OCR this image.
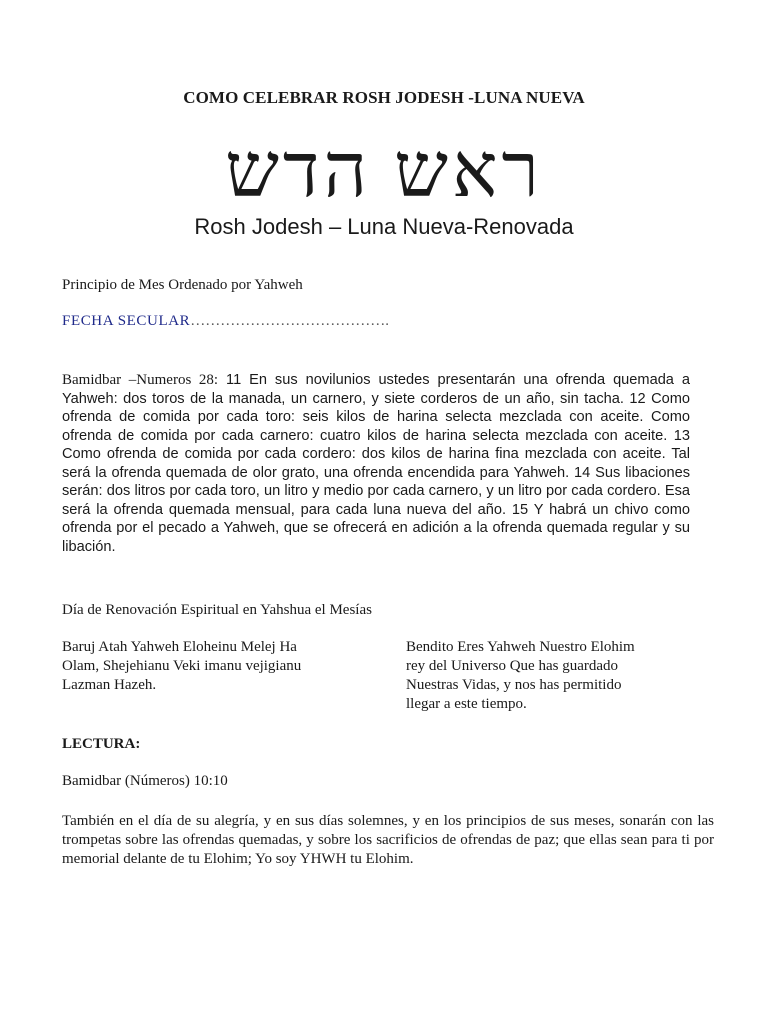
COMO CELEBRAR ROSH JODESH -LUNA NUEVA
ראש הדש
Rosh Jodesh – Luna Nueva-Renovada
Principio de Mes Ordenado por Yahweh
FECHA SECULAR………………………………….
Bamidbar –Numeros 28: 11 En sus novilunios ustedes presentarán una ofrenda quemada a Yahweh: dos toros de la manada, un carnero, y siete corderos de un año, sin tacha. 12 Como ofrenda de comida por cada toro: seis kilos de harina selecta mezclada con aceite. Como ofrenda de comida por cada carnero: cuatro kilos de harina selecta mezclada con aceite. 13 Como ofrenda de comida por cada cordero: dos kilos de harina fina mezclada con aceite. Tal será la ofrenda quemada de olor grato, una ofrenda encendida para Yahweh. 14 Sus libaciones serán: dos litros por cada toro, un litro y medio por cada carnero, y un litro por cada cordero. Esa será la ofrenda quemada mensual, para cada luna nueva del año. 15 Y habrá un chivo como ofrenda por el pecado a Yahweh, que se ofrecerá en adición a la ofrenda quemada regular y su libación.
Día de Renovación Espiritual en Yahshua el Mesías
Baruj Atah Yahweh Eloheinu Melej Ha
Olam, Shejehianu Veki imanu vejigianu
Lazman Hazeh.
Bendito Eres Yahweh Nuestro Elohim
rey del Universo Que has guardado
Nuestras Vidas, y nos has permitido
llegar a este tiempo.
LECTURA:
Bamidbar (Números) 10:10
También en el día de su alegría, y en sus días solemnes, y en los principios de sus meses, sonarán con las trompetas sobre las ofrendas quemadas, y sobre los sacrificios de ofrendas de paz; que ellas sean para ti por memorial delante de tu Elohim; Yo soy YHWH tu Elohim.
